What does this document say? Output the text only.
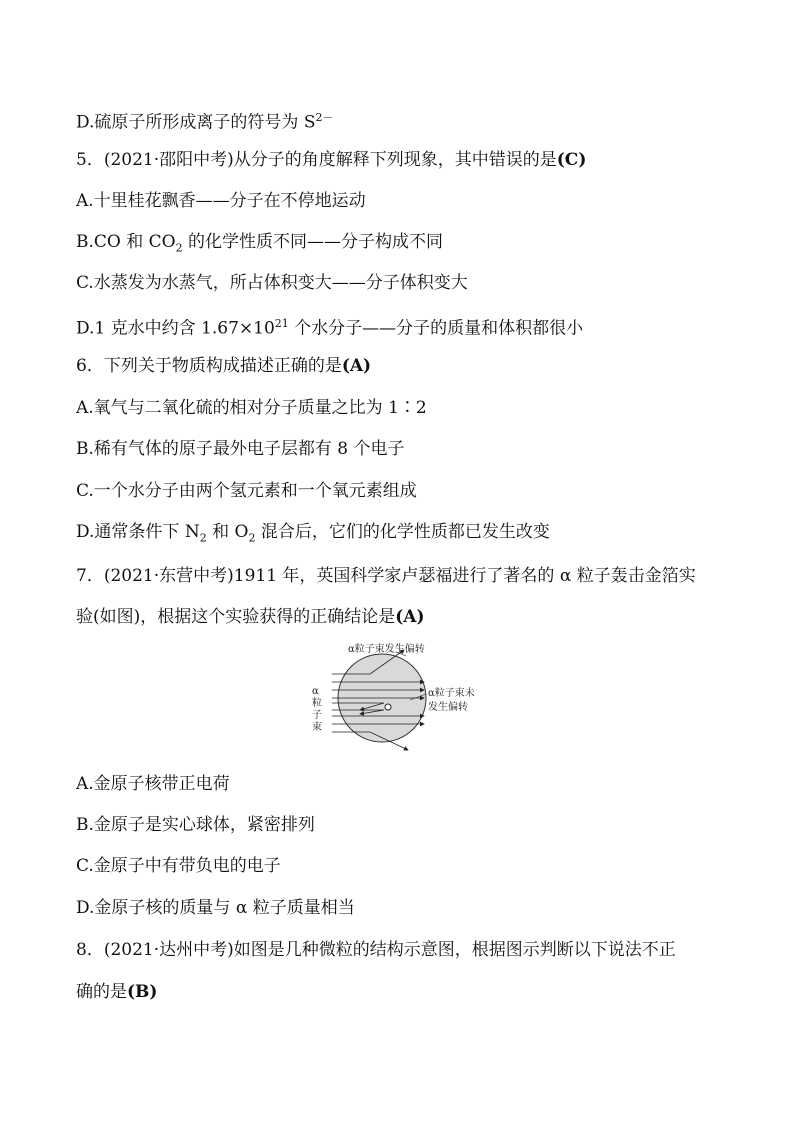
D.硫原子所形成离子的符号为 $S^{2-}$
5．(2021·邵阳中考)从分子的角度解释下列现象，其中错误的是(C)
A.十里桂花飘香——分子在不停地运动
B.CO 和 $CO_2$ 的化学性质不同——分子构成不同
C.水蒸发为水蒸气，所占体积变大——分子体积变大
D.1 克水中约含 $1.67\times 10^{21}$ 个水分子——分子的质量和体积都很小
6．下列关于物质构成描述正确的是(A)
A.氧气与二氧化硫的相对分子质量之比为 1∶2
B.稀有气体的原子最外电子层都有 8 个电子
C.一个水分子由两个氢元素和一个氧元素组成
D.通常条件下 $N_2$ 和 $O_2$ 混合后，它们的化学性质都已发生改变
7．(2021·东营中考)1911 年，英国科学家卢瑟福进行了著名的 α 粒子轰击金箔实
验(如图)，根据这个实验获得的正确结论是(A)
α粒子束发生偏转
α粒子束未
发生偏转
α
粒
子
束
A.金原子核带正电荷
B.金原子是实心球体，紧密排列
C.金原子中有带负电的电子
D.金原子核的质量与 α 粒子质量相当
8．(2021·达州中考)如图是几种微粒的结构示意图，根据图示判断以下说法不正
确的是(B)
